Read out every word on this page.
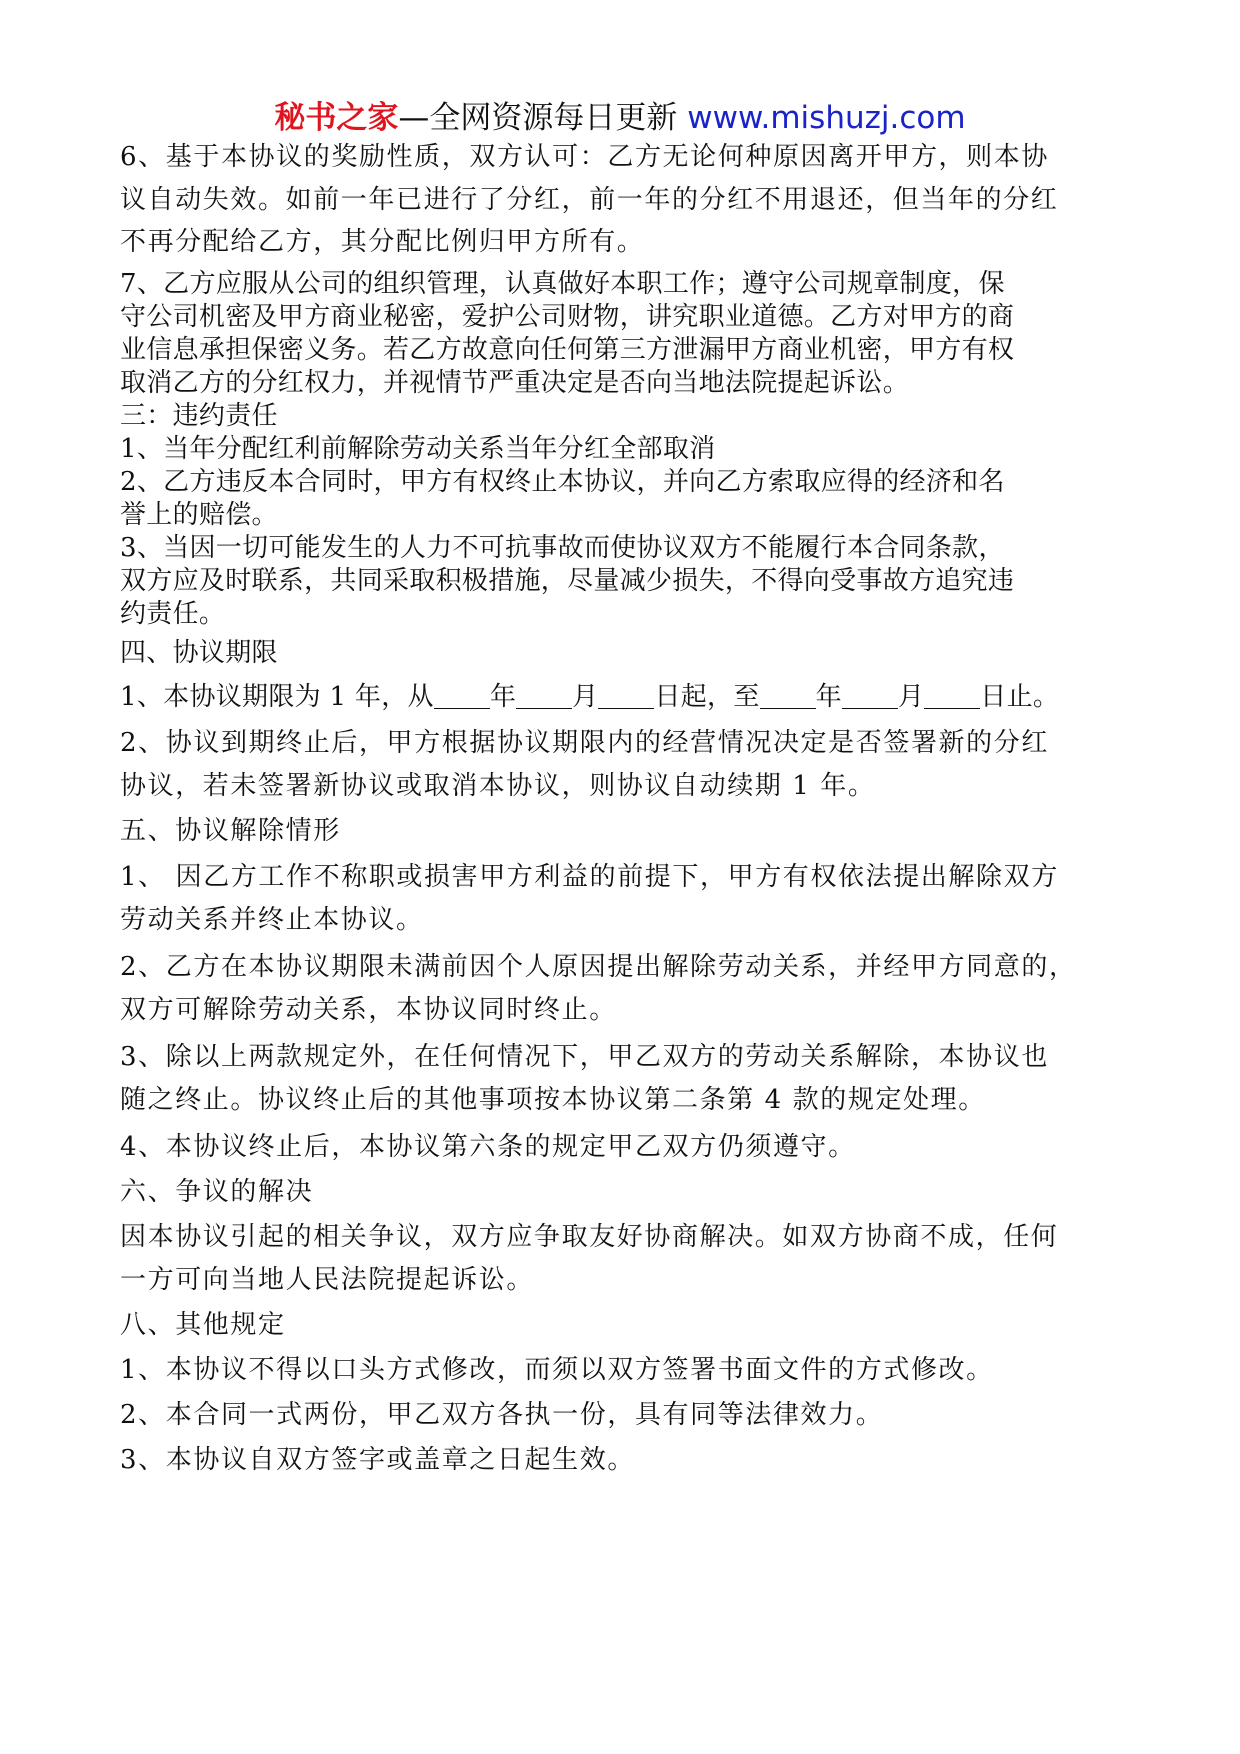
秘书之家—全网资源每日更新 www.mishuzj.com
6、基于本协议的奖励性质，双方认可：乙方无论何种原因离开甲方，则本协
议自动失效。如前一年已进行了分红，前一年的分红不用退还，但当年的分红
不再分配给乙方，其分配比例归甲方所有。
7、乙方应服从公司的组织管理，认真做好本职工作；遵守公司规章制度，保
守公司机密及甲方商业秘密，爱护公司财物，讲究职业道德。乙方对甲方的商
业信息承担保密义务。若乙方故意向任何第三方泄漏甲方商业机密，甲方有权
取消乙方的分红权力，并视情节严重决定是否向当地法院提起诉讼。
三：违约责任
1、当年分配红利前解除劳动关系当年分红全部取消
2、乙方违反本合同时，甲方有权终止本协议，并向乙方索取应得的经济和名
誉上的赔偿。
3、当因一切可能发生的人力不可抗事故而使协议双方不能履行本合同条款，
双方应及时联系，共同采取积极措施，尽量减少损失，不得向受事故方追究违
约责任。
四、协议期限
1、本协议期限为 1 年，从 年 月 日起，至 年 月 日止。
2、协议到期终止后，甲方根据协议期限内的经营情况决定是否签署新的分红
协议，若未签署新协议或取消本协议，则协议自动续期 1 年。
五、协议解除情形
1、 因乙方工作不称职或损害甲方利益的前提下，甲方有权依法提出解除双方
劳动关系并终止本协议。
2、乙方在本协议期限未满前因个人原因提出解除劳动关系，并经甲方同意的，
双方可解除劳动关系，本协议同时终止。
3、除以上两款规定外，在任何情况下，甲乙双方的劳动关系解除，本协议也
随之终止。协议终止后的其他事项按本协议第二条第 4 款的规定处理。
4、本协议终止后，本协议第六条的规定甲乙双方仍须遵守。
六、争议的解决
因本协议引起的相关争议，双方应争取友好协商解决。如双方协商不成，任何
一方可向当地人民法院提起诉讼。
八、其他规定
1、本协议不得以口头方式修改，而须以双方签署书面文件的方式修改。
2、本合同一式两份，甲乙双方各执一份，具有同等法律效力。
3、本协议自双方签字或盖章之日起生效。
